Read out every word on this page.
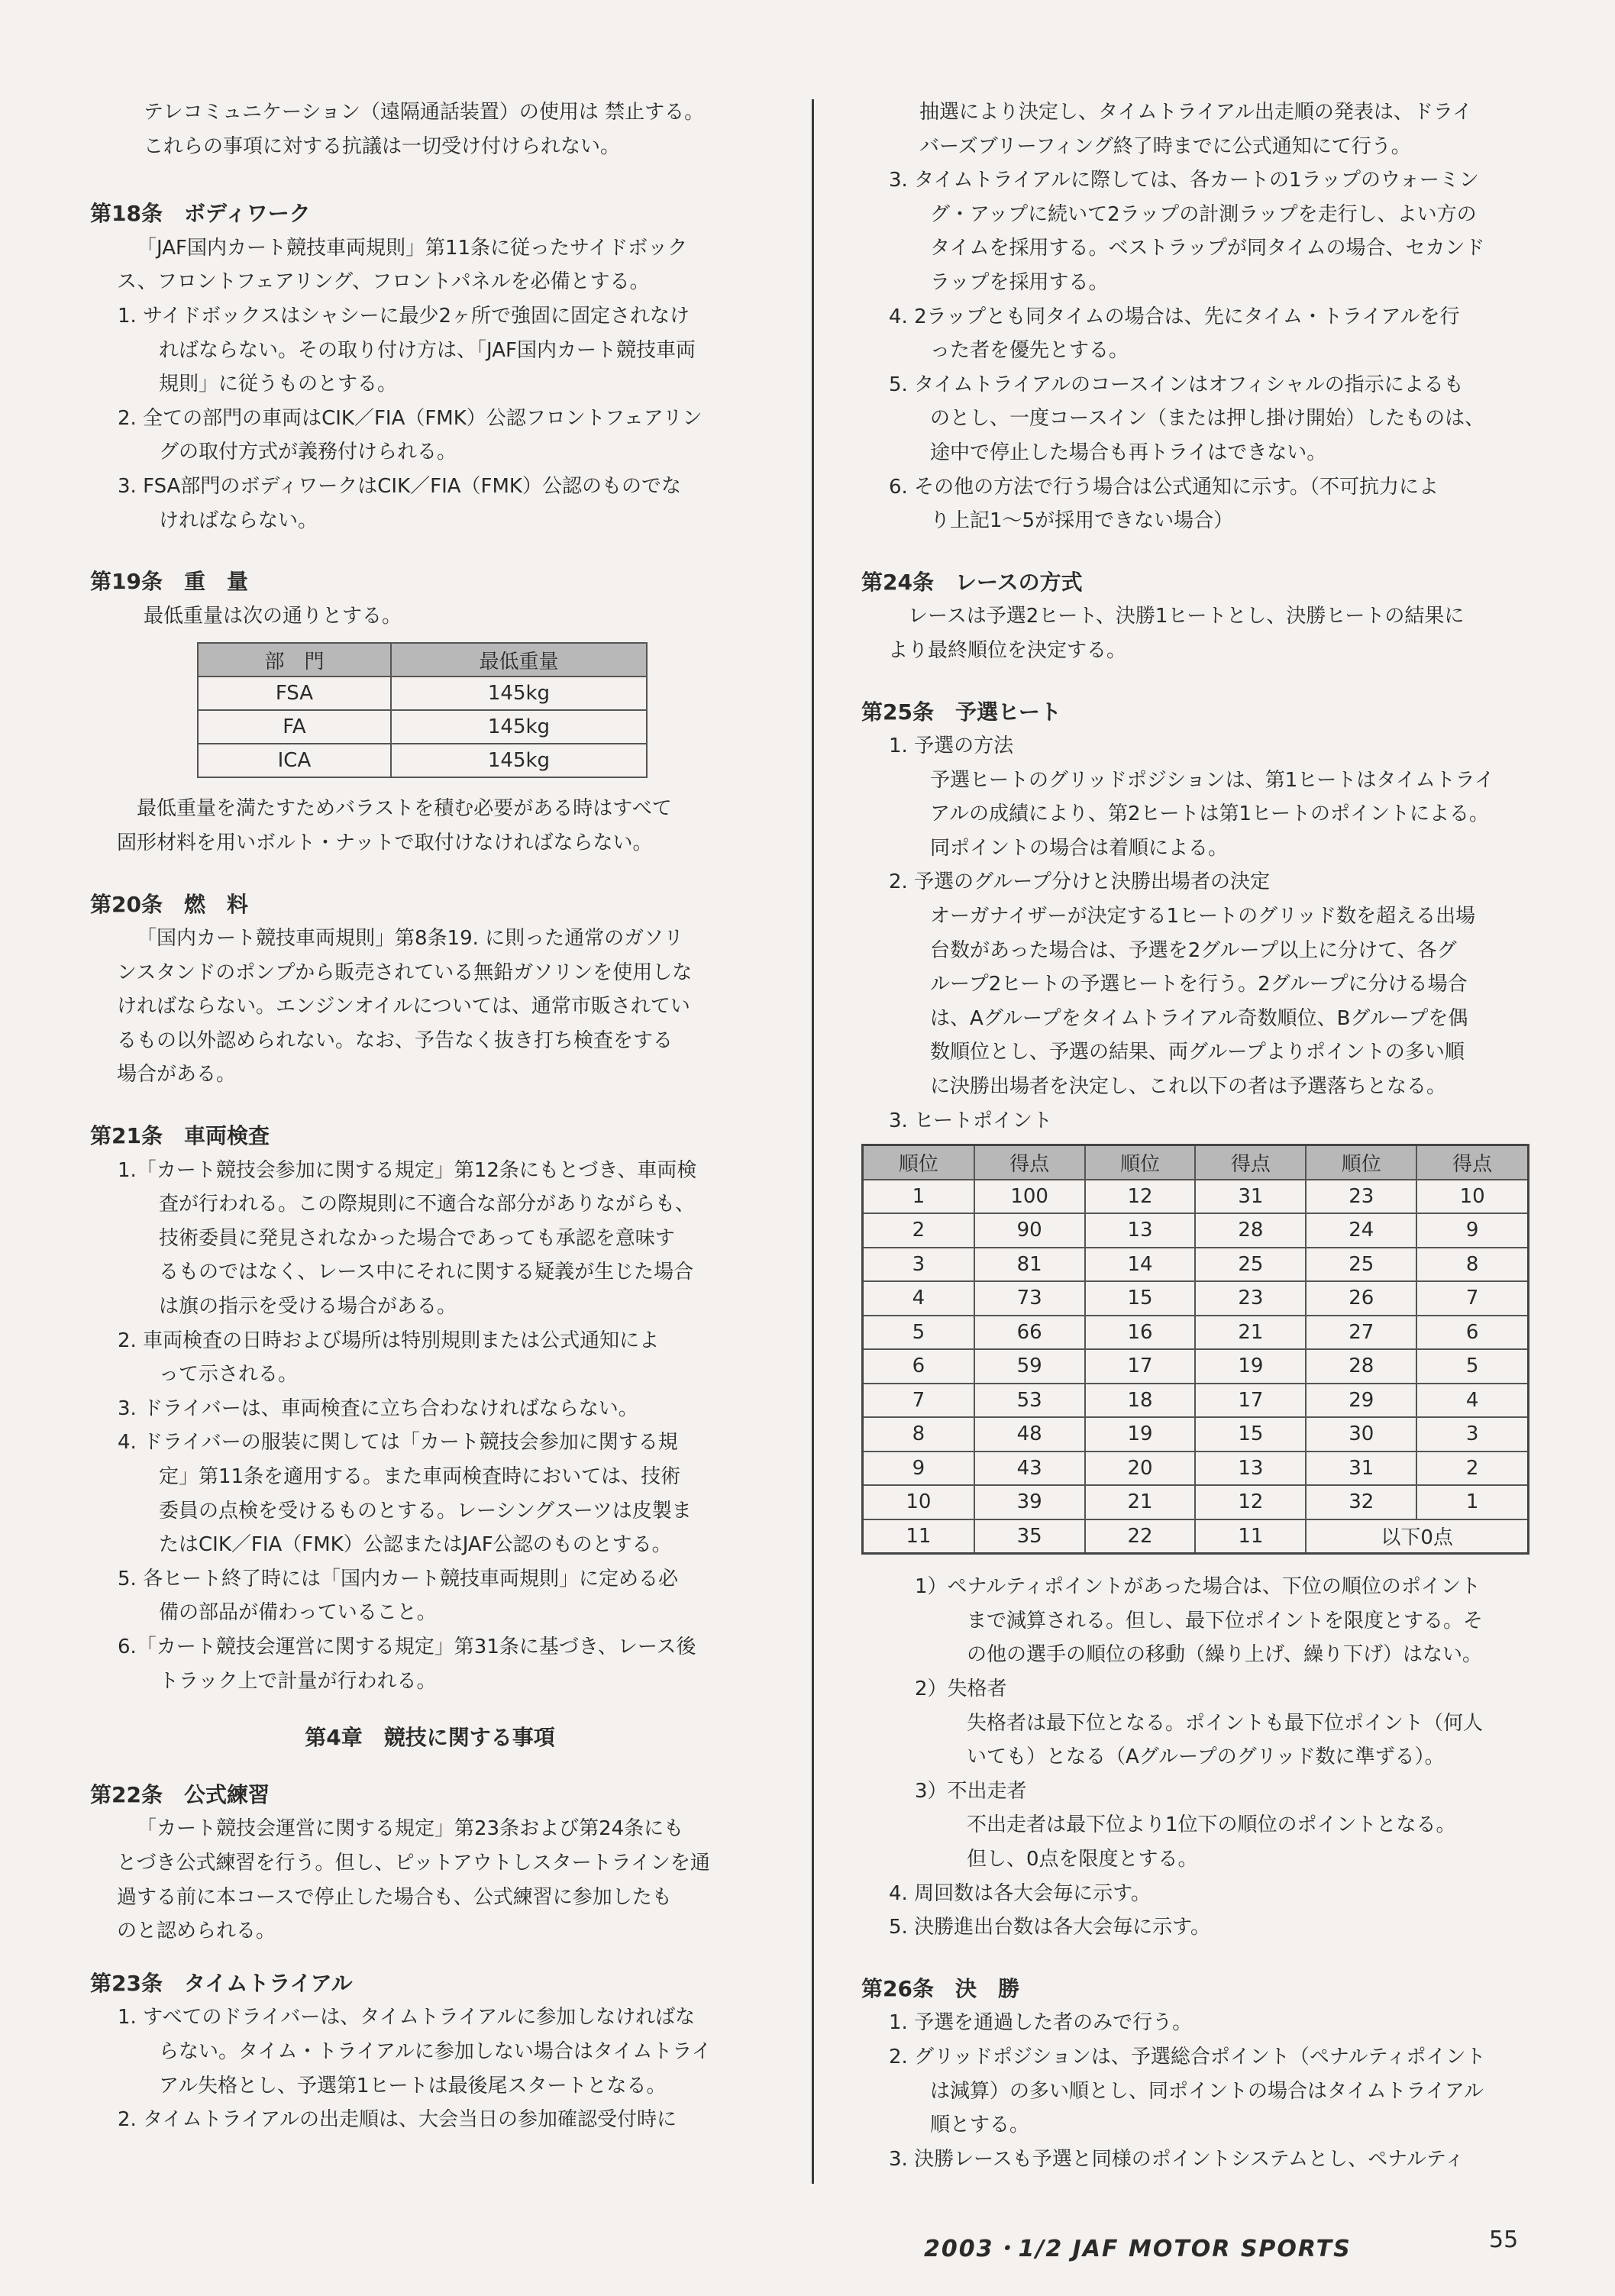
テレコミュニケーション（遠隔通話装置）の使用は 禁止する。

これらの事項に対する抗議は一切受け付けられない。

第18条　ボディワーク

「JAF国内カート競技車両規則」第11条に従ったサイドボック

ス、フロントフェアリング、フロントパネルを必備とする。

1. サイドボックスはシャシーに最少2ヶ所で強固に固定されなけ

ればならない。その取り付け方は、「JAF国内カート競技車両

規則」に従うものとする。

2. 全ての部門の車両はCIK／FIA（FMK）公認フロントフェアリン

グの取付方式が義務付けられる。

3. FSA部門のボディワークはCIK／FIA（FMK）公認のものでな

ければならない。

第19条　重　量

最低重量は次の通りとする。

部　門	最低重量
FSA	145kg
FA	145kg
ICA	145kg

最低重量を満たすためバラストを積む必要がある時はすべて

固形材料を用いボルト・ナットで取付けなければならない。

第20条　燃　料

「国内カート競技車両規則」第8条19. に則った通常のガソリ

ンスタンドのポンプから販売されている無鉛ガソリンを使用しな

ければならない。エンジンオイルについては、通常市販されてい

るもの以外認められない。なお、予告なく抜き打ち検査をする

場合がある。

第21条　車両検査

1.「カート競技会参加に関する規定」第12条にもとづき、車両検

査が行われる。この際規則に不適合な部分がありながらも、

技術委員に発見されなかった場合であっても承認を意味す

るものではなく、レース中にそれに関する疑義が生じた場合

は旗の指示を受ける場合がある。

2. 車両検査の日時および場所は特別規則または公式通知によ

って示される。

3. ドライバーは、車両検査に立ち合わなければならない。

4. ドライバーの服装に関しては「カート競技会参加に関する規

定」第11条を適用する。また車両検査時においては、技術

委員の点検を受けるものとする。レーシングスーツは皮製ま

たはCIK／FIA（FMK）公認またはJAF公認のものとする。

5. 各ヒート終了時には「国内カート競技車両規則」に定める必

備の部品が備わっていること。

6.「カート競技会運営に関する規定」第31条に基づき、レース後

トラック上で計量が行われる。

第4章　競技に関する事項

第22条　公式練習

「カート競技会運営に関する規定」第23条および第24条にも

とづき公式練習を行う。但し、ピットアウトしスタートラインを通

過する前に本コースで停止した場合も、公式練習に参加したも

のと認められる。

第23条　タイムトライアル

1. すべてのドライバーは、タイムトライアルに参加しなければな

らない。タイム・トライアルに参加しない場合はタイムトライ

アル失格とし、予選第1ヒートは最後尾スタートとなる。

2. タイムトライアルの出走順は、大会当日の参加確認受付時に

抽選により決定し、タイムトライアル出走順の発表は、ドライ

バーズブリーフィング終了時までに公式通知にて行う。

3. タイムトライアルに際しては、各カートの1ラップのウォーミン

グ・アップに続いて2ラップの計測ラップを走行し、よい方の

タイムを採用する。ベストラップが同タイムの場合、セカンド

ラップを採用する。

4. 2ラップとも同タイムの場合は、先にタイム・トライアルを行

った者を優先とする。

5. タイムトライアルのコースインはオフィシャルの指示によるも

のとし、一度コースイン（または押し掛け開始）したものは、

途中で停止した場合も再トライはできない。

6. その他の方法で行う場合は公式通知に示す。（不可抗力によ

り上記1〜5が採用できない場合）

第24条　レースの方式

レースは予選2ヒート、決勝1ヒートとし、決勝ヒートの結果に

より最終順位を決定する。

第25条　予選ヒート

1. 予選の方法

予選ヒートのグリッドポジションは、第1ヒートはタイムトライ

アルの成績により、第2ヒートは第1ヒートのポイントによる。

同ポイントの場合は着順による。

2. 予選のグループ分けと決勝出場者の決定

オーガナイザーが決定する1ヒートのグリッド数を超える出場

台数があった場合は、予選を2グループ以上に分けて、各グ

ループ2ヒートの予選ヒートを行う。2グループに分ける場合

は、Aグループをタイムトライアル奇数順位、Bグループを偶

数順位とし、予選の結果、両グループよりポイントの多い順

に決勝出場者を決定し、これ以下の者は予選落ちとなる。

3. ヒートポイント

順位	得点	順位	得点	順位	得点
1	100	12	31	23	10
2	90	13	28	24	9
3	81	14	25	25	8
4	73	15	23	26	7
5	66	16	21	27	6
6	59	17	19	28	5
7	53	18	17	29	4
8	48	19	15	30	3
9	43	20	13	31	2
10	39	21	12	32	1
11	35	22	11	以下0点	

1）ペナルティポイントがあった場合は、下位の順位のポイント

まで減算される。但し、最下位ポイントを限度とする。そ

の他の選手の順位の移動（繰り上げ、繰り下げ）はない。

2）失格者

失格者は最下位となる。ポイントも最下位ポイント（何人

いても）となる（Aグループのグリッド数に準ずる）。

3）不出走者

不出走者は最下位より1位下の順位のポイントとなる。

但し、0点を限度とする。

4. 周回数は各大会毎に示す。

5. 決勝進出台数は各大会毎に示す。

第26条　決　勝

1. 予選を通過した者のみで行う。

2. グリッドポジションは、予選総合ポイント（ペナルティポイント

は減算）の多い順とし、同ポイントの場合はタイムトライアル

順とする。

3. 決勝レースも予選と同様のポイントシステムとし、ペナルティ

2003・1/2 JAF MOTOR SPORTS	55
